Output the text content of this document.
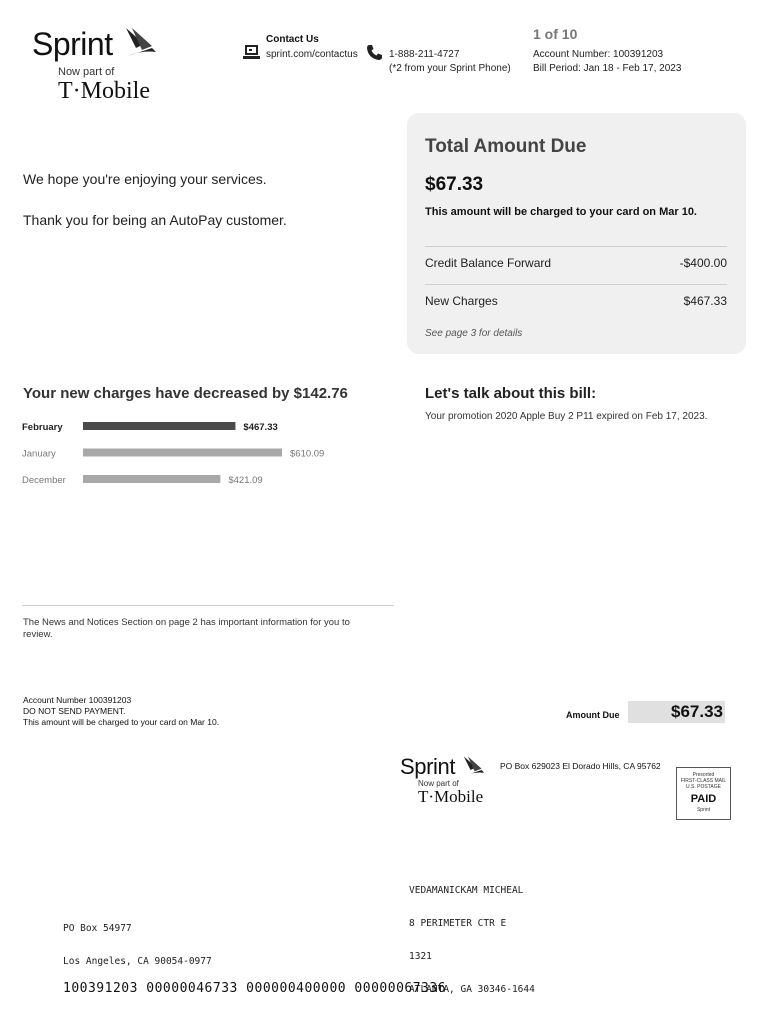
Sprint
Now part of
T·Mobile
Contact Us
sprint.com/contactus	1-888-211-4727
(*2 from your Sprint Phone)
1 of 10
Account Number: 100391203
Bill Period: Jan 18 - Feb 17, 2023
We hope you're enjoying your services.
Thank you for being an AutoPay customer.
Total Amount Due
$67.33
This amount will be charged to your card on Mar 10.
Credit Balance Forward	-$400.00
New Charges	$467.33
See page 3 for details
Your new charges have decreased by $142.76
February	$467.33
January	$610.09
December	$421.09
Let's talk about this bill:
Your promotion 2020 Apple Buy 2 P11 expired on Feb 17, 2023.
The News and Notices Section on page 2 has important information for you to review.
Account Number 100391203
DO NOT SEND PAYMENT.
This amount will be charged to your card on Mar 10.
Amount Due	$67.33
Sprint
Now part of
T·Mobile
PO Box 629023 El Dorado Hills, CA 95762
Presorted
FIRST-CLASS MAIL
U.S. POSTAGE
PAID
Sprint

VEDAMANICKAM MICHEAL

8 PERIMETER CTR E

1321

ATLANTA, GA 30346-1644

PO Box 54977

Los Angeles, CA 90054-0977

100391203 00000046733 000000400000 00000067336
